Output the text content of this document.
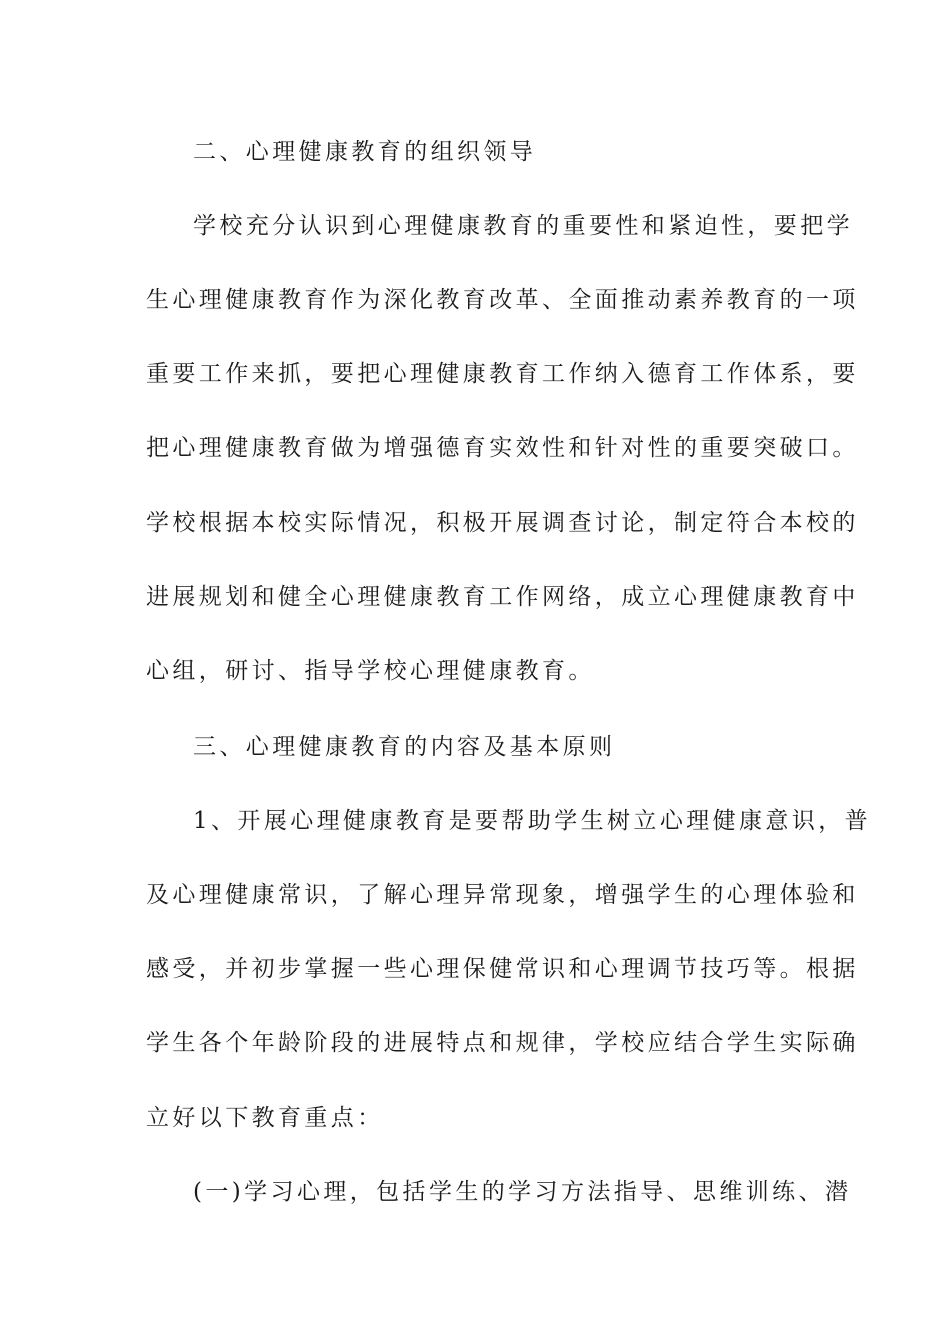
二、心理健康教育的组织领导
学校充分认识到心理健康教育的重要性和紧迫性，要把学
生心理健康教育作为深化教育改革、全面推动素养教育的一项
重要工作来抓，要把心理健康教育工作纳入德育工作体系，要
把心理健康教育做为增强德育实效性和针对性的重要突破口。
学校根据本校实际情况，积极开展调查讨论，制定符合本校的
进展规划和健全心理健康教育工作网络，成立心理健康教育中
心组，研讨、指导学校心理健康教育。
三、心理健康教育的内容及基本原则
1、开展心理健康教育是要帮助学生树立心理健康意识，普
及心理健康常识，了解心理异常现象，增强学生的心理体验和
感受，并初步掌握一些心理保健常识和心理调节技巧等。根据
学生各个年龄阶段的进展特点和规律，学校应结合学生实际确
立好以下教育重点：
(一)学习心理，包括学生的学习方法指导、思维训练、潜
